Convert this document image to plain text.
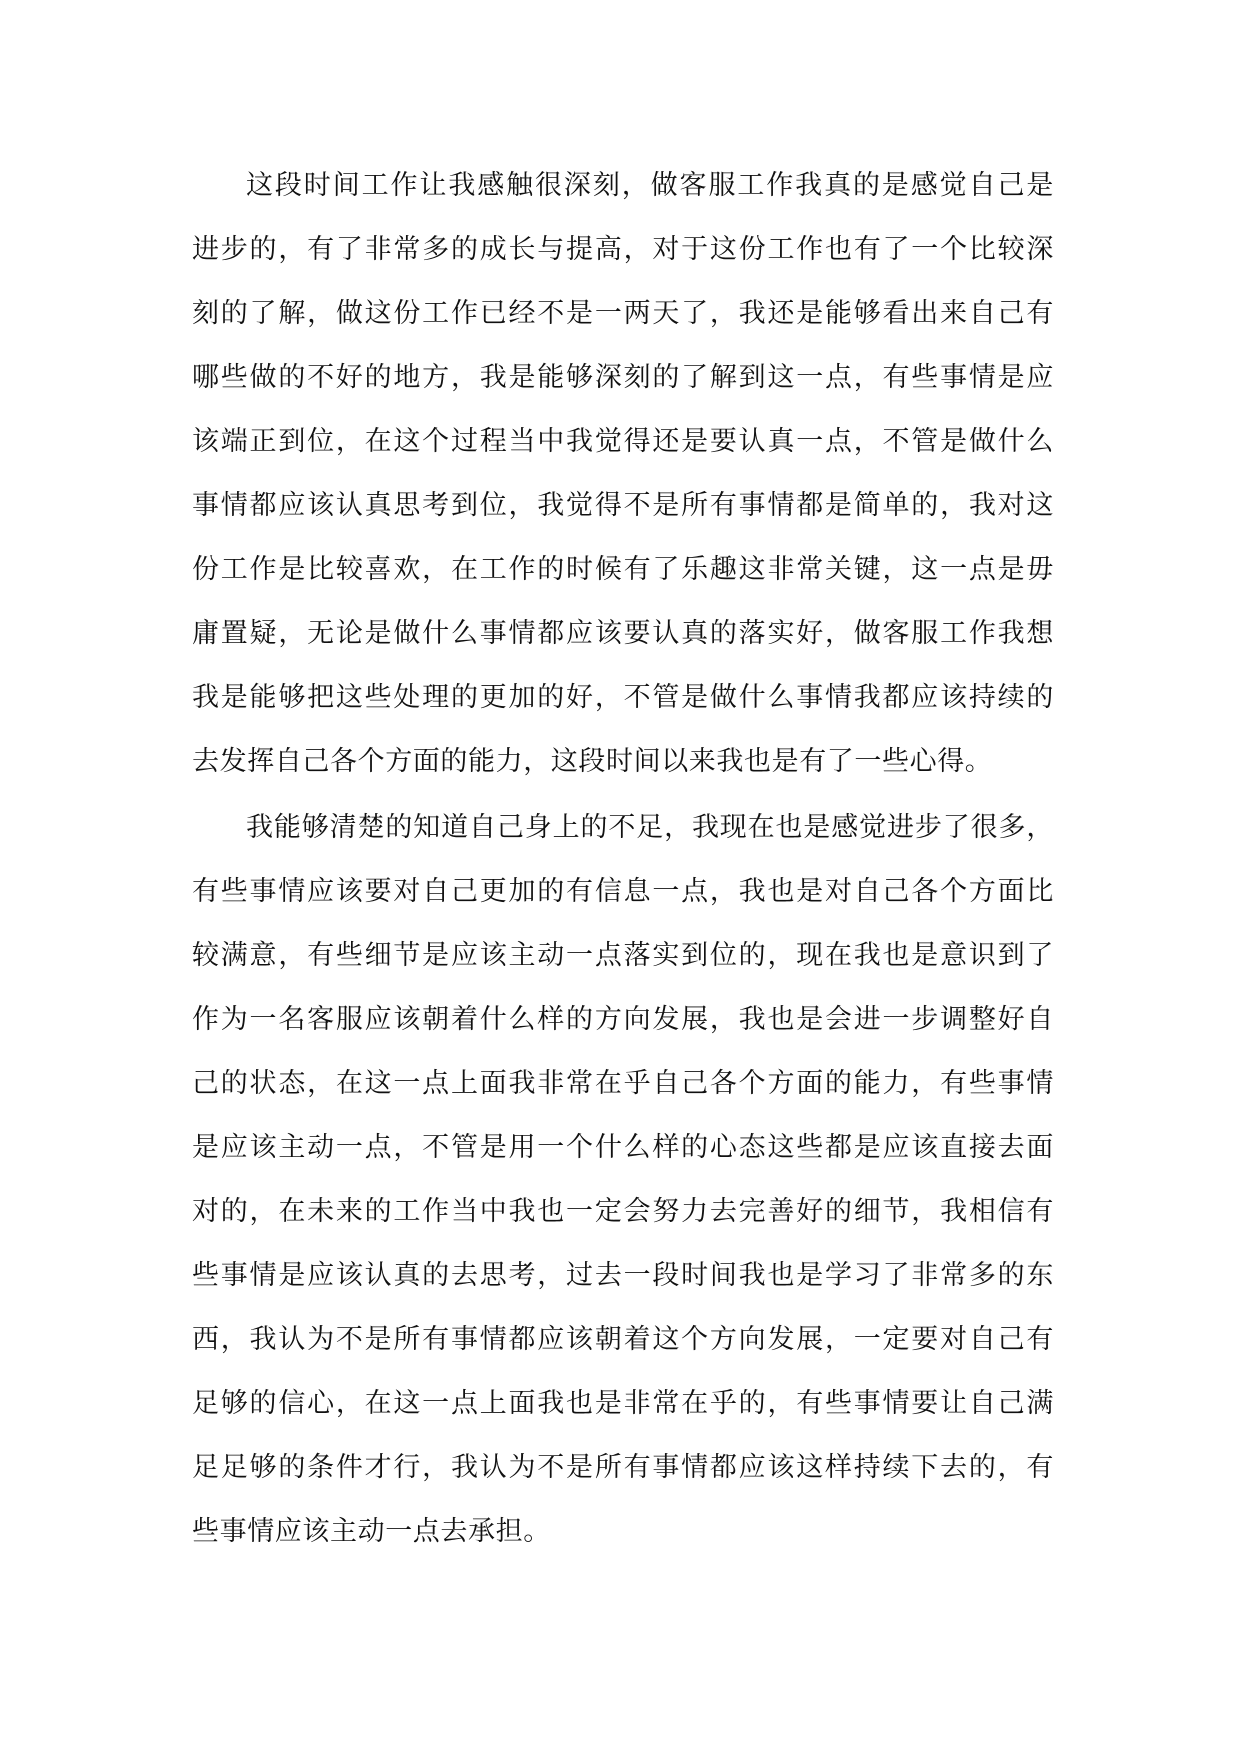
这段时间工作让我感触很深刻，做客服工作我真的是感觉自己是
进步的，有了非常多的成长与提高，对于这份工作也有了一个比较深
刻的了解，做这份工作已经不是一两天了，我还是能够看出来自己有
哪些做的不好的地方，我是能够深刻的了解到这一点，有些事情是应
该端正到位，在这个过程当中我觉得还是要认真一点，不管是做什么
事情都应该认真思考到位，我觉得不是所有事情都是简单的，我对这
份工作是比较喜欢，在工作的时候有了乐趣这非常关键，这一点是毋
庸置疑，无论是做什么事情都应该要认真的落实好，做客服工作我想
我是能够把这些处理的更加的好，不管是做什么事情我都应该持续的
去发挥自己各个方面的能力，这段时间以来我也是有了一些心得。
我能够清楚的知道自己身上的不足，我现在也是感觉进步了很多，
有些事情应该要对自己更加的有信息一点，我也是对自己各个方面比
较满意，有些细节是应该主动一点落实到位的，现在我也是意识到了
作为一名客服应该朝着什么样的方向发展，我也是会进一步调整好自
己的状态，在这一点上面我非常在乎自己各个方面的能力，有些事情
是应该主动一点，不管是用一个什么样的心态这些都是应该直接去面
对的，在未来的工作当中我也一定会努力去完善好的细节，我相信有
些事情是应该认真的去思考，过去一段时间我也是学习了非常多的东
西，我认为不是所有事情都应该朝着这个方向发展，一定要对自己有
足够的信心，在这一点上面我也是非常在乎的，有些事情要让自己满
足足够的条件才行，我认为不是所有事情都应该这样持续下去的，有
些事情应该主动一点去承担。
